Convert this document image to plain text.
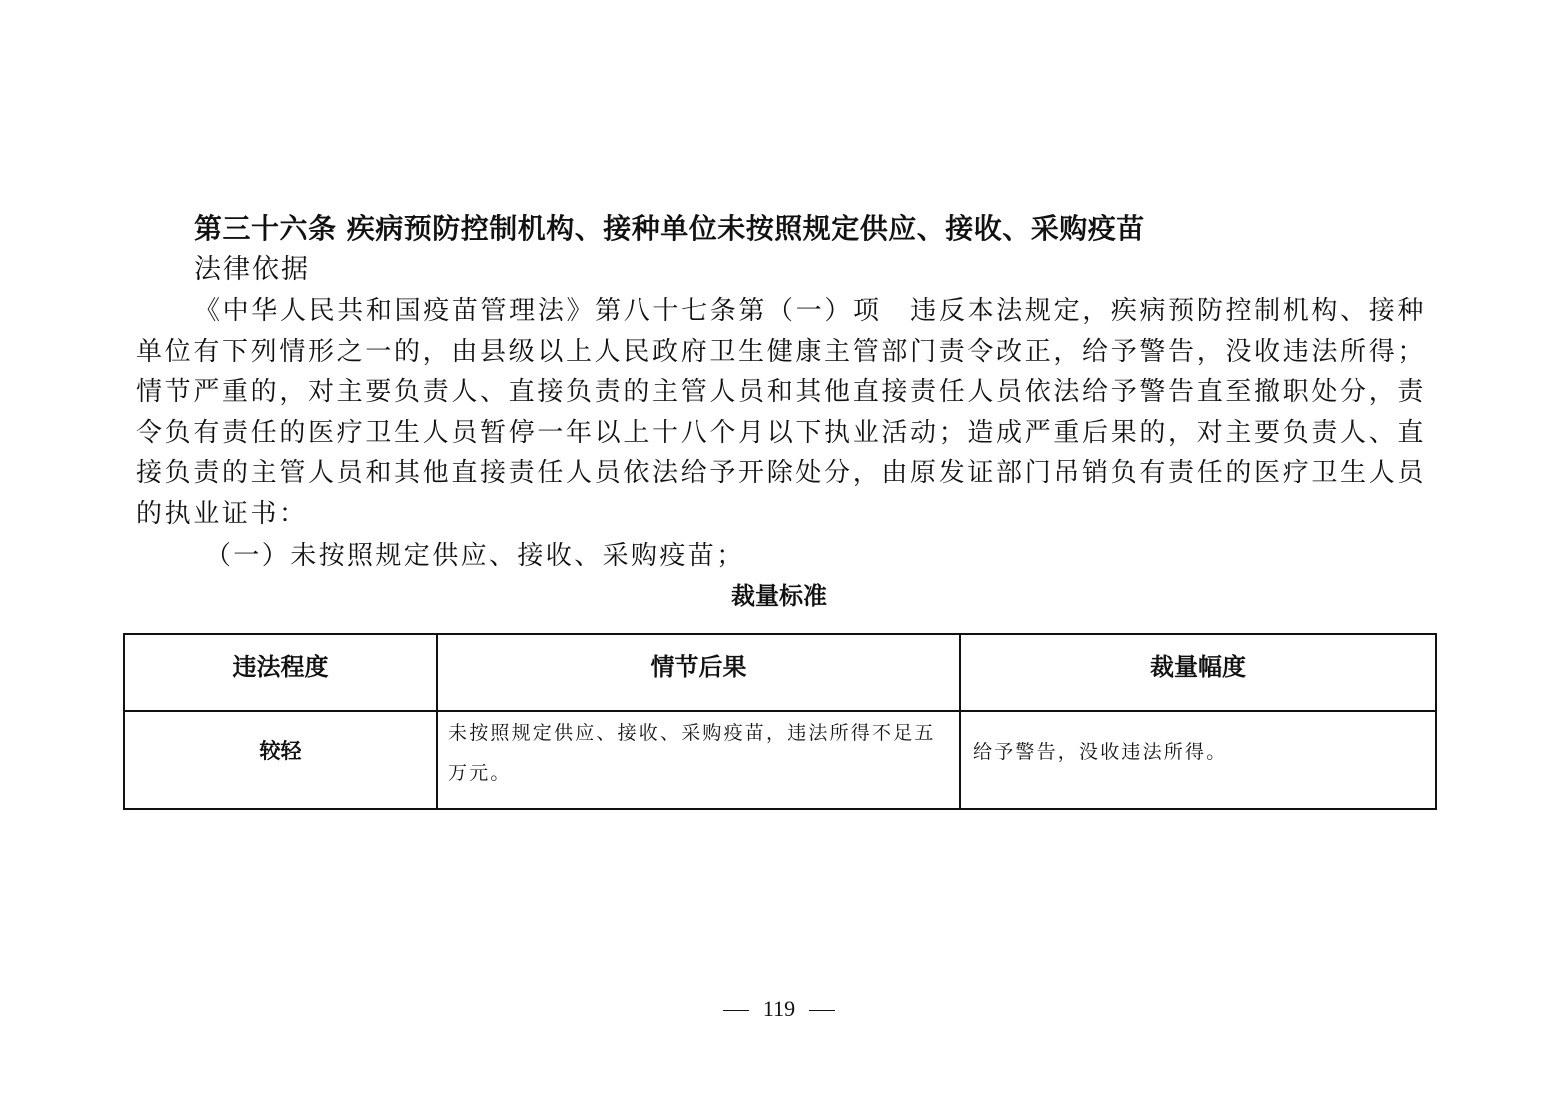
第三十六条 疾病预防控制机构、接种单位未按照规定供应、接收、采购疫苗
法律依据

《中华人民共和国疫苗管理法》第八十七条第（一）项　违反本法规定，疾病预防控制机构、接种单位有下列情形之一的，由县级以上人民政府卫生健康主管部门责令改正，给予警告，没收违法所得；情节严重的，对主要负责人、直接负责的主管人员和其他直接责任人员依法给予警告直至撤职处分，责令负有责任的医疗卫生人员暂停一年以上十八个月以下执业活动；造成严重后果的，对主要负责人、直接负责的主管人员和其他直接责任人员依法给予开除处分，由原发证部门吊销负有责任的医疗卫生人员的执业证书：

（一）未按照规定供应、接收、采购疫苗；
裁量标准
违法程度	情节后果	裁量幅度
较轻	未按照规定供应、接收、采购疫苗，违法所得不足五万元。	给予警告，没收违法所得。
119
